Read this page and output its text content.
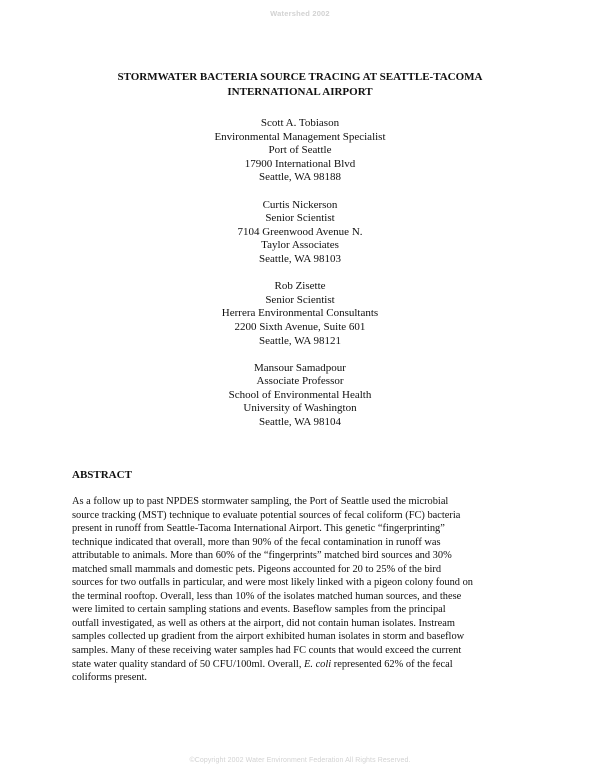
Watershed 2002
STORMWATER BACTERIA SOURCE TRACING AT SEATTLE-TACOMA
INTERNATIONAL AIRPORT
Scott A. Tobiason
Environmental Management Specialist
Port of Seattle
17900 International Blvd
Seattle, WA 98188
Curtis Nickerson
Senior Scientist
7104 Greenwood Avenue N.
Taylor Associates
Seattle, WA 98103
Rob Zisette
Senior Scientist
Herrera Environmental Consultants
2200 Sixth Avenue, Suite 601
Seattle, WA 98121
Mansour Samadpour
Associate Professor
School of Environmental Health
University of Washington
Seattle, WA 98104
ABSTRACT
As a follow up to past NPDES stormwater sampling, the Port of Seattle used the microbial
source tracking (MST) technique to evaluate potential sources of fecal coliform (FC) bacteria
present in runoff from Seattle-Tacoma International Airport. This genetic “fingerprinting”
technique indicated that overall, more than 90% of the fecal contamination in runoff was
attributable to animals. More than 60% of the “fingerprints” matched bird sources and 30%
matched small mammals and domestic pets. Pigeons accounted for 20 to 25% of the bird
sources for two outfalls in particular, and were most likely linked with a pigeon colony found on
the terminal rooftop. Overall, less than 10% of the isolates matched human sources, and these
were limited to certain sampling stations and events. Baseflow samples from the principal
outfall investigated, as well as others at the airport, did not contain human isolates. Instream
samples collected up gradient from the airport exhibited human isolates in storm and baseflow
samples. Many of these receiving water samples had FC counts that would exceed the current
state water quality standard of 50 CFU/100ml. Overall, E. coli represented 62% of the fecal
coliforms present.
©Copyright 2002 Water Environment Federation All Rights Reserved.
